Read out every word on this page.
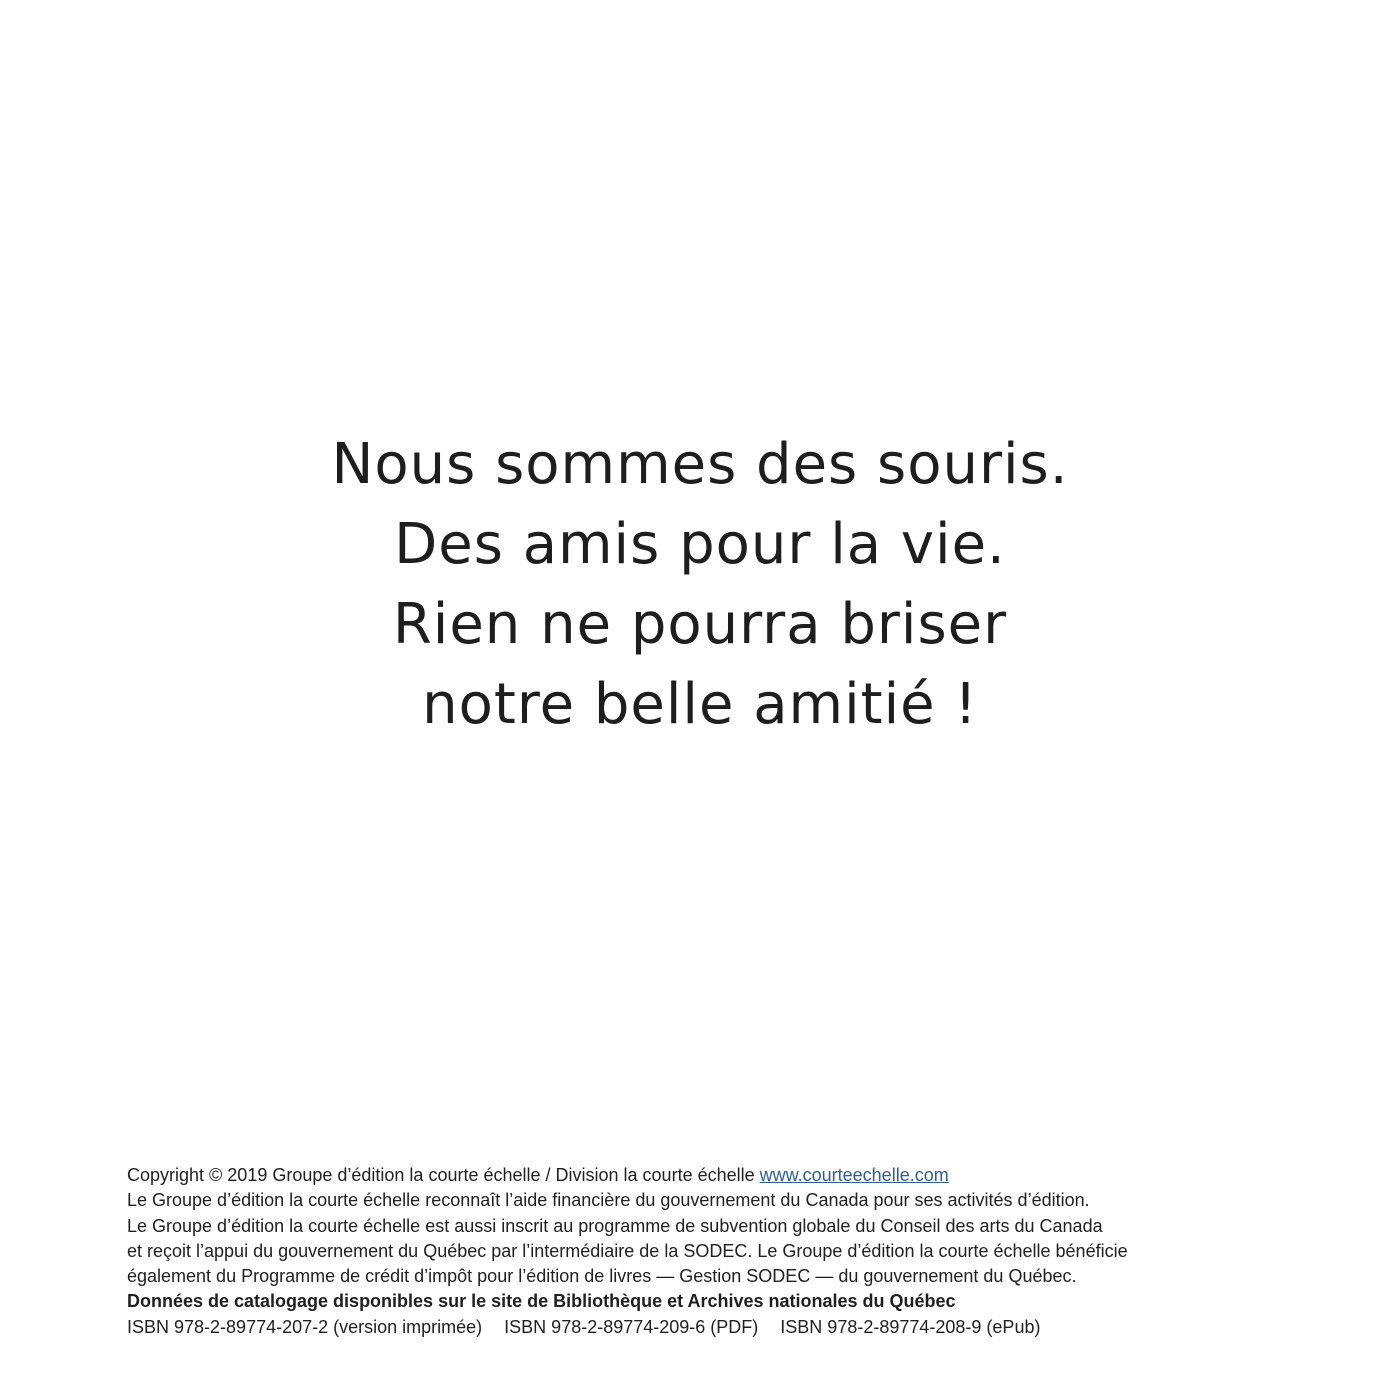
Nous sommes des souris.
Des amis pour la vie.
Rien ne pourra briser
notre belle amitié !
Copyright © 2019 Groupe d’édition la courte échelle / Division la courte échelle www.courteechelle.com
Le Groupe d’édition la courte échelle reconnaît l’aide financière du gouvernement du Canada pour ses activités d’édition.
Le Groupe d’édition la courte échelle est aussi inscrit au programme de subvention globale du Conseil des arts du Canada
et reçoit l’appui du gouvernement du Québec par l’intermédiaire de la SODEC. Le Groupe d’édition la courte échelle bénéficie
également du Programme de crédit d’impôt pour l’édition de livres — Gestion SODEC — du gouvernement du Québec.
Données de catalogage disponibles sur le site de Bibliothèque et Archives nationales du Québec
ISBN 978-2-89774-207-2 (version imprimée) ISBN 978-2-89774-209-6 (PDF) ISBN 978-2-89774-208-9 (ePub)
